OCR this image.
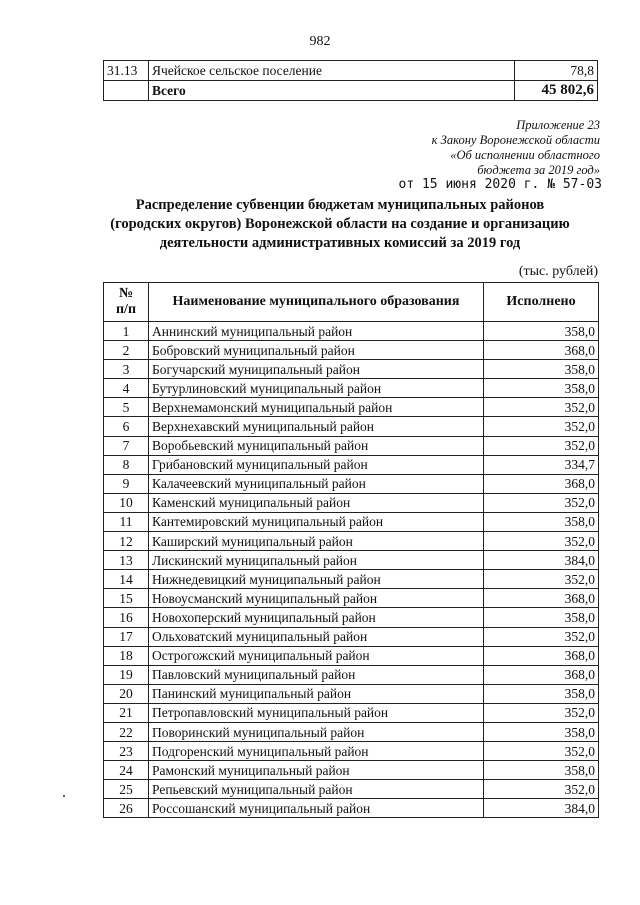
982
31.13	Ячейское сельское поселение	78,8
	Всего	45 802,6
Приложение 23
к Закону Воронежской области
«Об исполнении областного
бюджета за 2019 год»
от 15 июня 2020 г. № 57-03
Распределение субвенции бюджетам муниципальных районов
(городских округов) Воронежской области на создание и организацию
деятельности административных комиссий за 2019 год
(тыс. рублей)
№
п/п	Наименование муниципального образования	Исполнено
1	Аннинский муниципальный район	358,0
2	Бобровский муниципальный район	368,0
3	Богучарский муниципальный район	358,0
4	Бутурлиновский муниципальный район	358,0
5	Верхнемамонский муниципальный район	352,0
6	Верхнехавский муниципальный район	352,0
7	Воробьевский муниципальный район	352,0
8	Грибановский муниципальный район	334,7
9	Калачеевский муниципальный район	368,0
10	Каменский муниципальный район	352,0
11	Кантемировский муниципальный район	358,0
12	Каширский муниципальный район	352,0
13	Лискинский муниципальный район	384,0
14	Нижнедевицкий муниципальный район	352,0
15	Новоусманский муниципальный район	368,0
16	Новохоперский муниципальный район	358,0
17	Ольховатский муниципальный район	352,0
18	Острогожский муниципальный район	368,0
19	Павловский муниципальный район	368,0
20	Панинский муниципальный район	358,0
21	Петропавловский муниципальный район	352,0
22	Поворинский муниципальный район	358,0
23	Подгоренский муниципальный район	352,0
24	Рамонский муниципальный район	358,0
25	Репьевский муниципальный район	352,0
26	Россошанский муниципальный район	384,0
